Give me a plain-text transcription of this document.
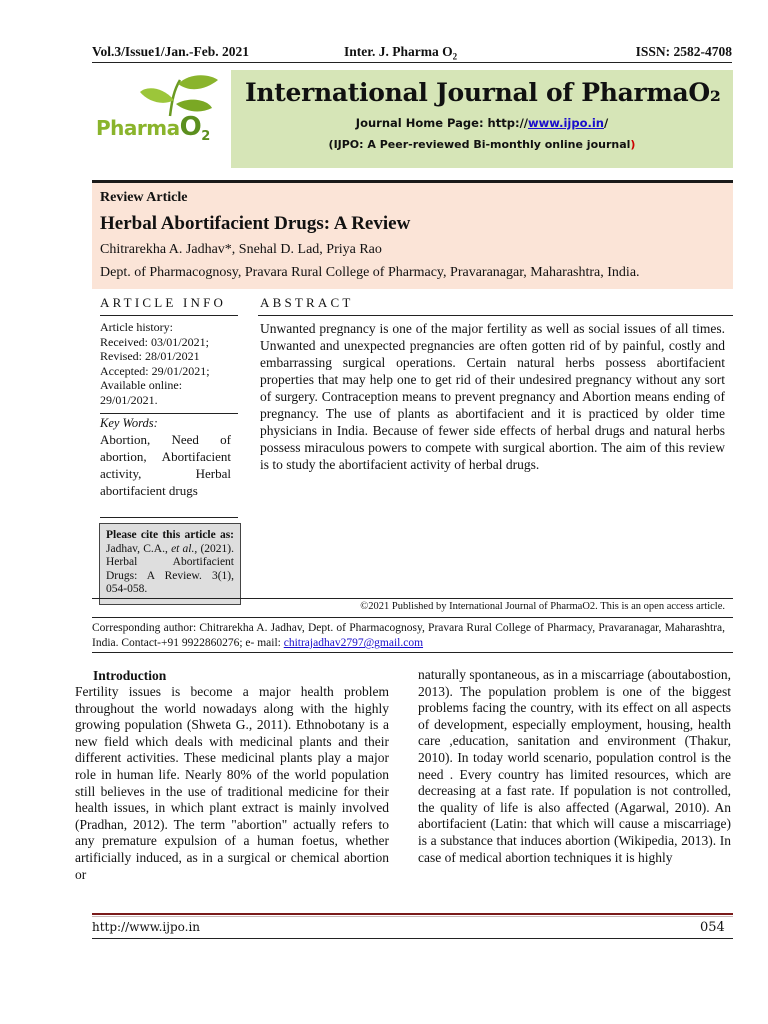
Vol.3/Issue1/Jan.-Feb. 2021	Inter. J. Pharma $O_2$	ISSN: 2582-4708
PharmaO$_2$
International Journal of PharmaO₂
Journal Home Page: http://www.ijpo.in/
(IJPO: A Peer-reviewed Bi-monthly online journal)
Review Article
Herbal Abortifacient Drugs: A Review
Chitrarekha A. Jadhav*, Snehal D. Lad, Priya Rao
Dept. of Pharmacognosy, Pravara Rural College of Pharmacy, Pravaranagar, Maharashtra, India.
ARTICLE INFO	ABSTRACT
Article history:
Received: 03/01/2021;
Revised: 28/01/2021
Accepted: 29/01/2021;
Available online:
29/01/2021.
Key Words:
Abortion, Need of abortion, Abortifacient activity, Herbal abortifacient drugs
Please cite this article as: Jadhav, C.A., et al., (2021). Herbal Abortifacient Drugs: A Review. 3(1), 054-058.
Unwanted pregnancy is one of the major fertility as well as social issues of all times. Unwanted and unexpected pregnancies are often gotten rid of by painful, costly and embarrassing surgical operations. Certain natural herbs possess abortifacient properties that may help one to get rid of their undesired pregnancy without any sort of surgery. Contraception means to prevent pregnancy and Abortion means ending of pregnancy. The use of plants as abortifacient and it is practiced by older time physicians in India. Because of fewer side effects of herbal drugs and natural herbs possess miraculous powers to compete with surgical abortion. The aim of this review is to study the abortifacient activity of herbal drugs.
©2021 Published by International Journal of PharmaO2. This is an open access article.
Corresponding author: Chitrarekha A. Jadhav, Dept. of Pharmacognosy, Pravara Rural College of Pharmacy, Pravaranagar, Maharashtra, India. Contact-+91 9922860276; e- mail: chitrajadhav2797@gmail.com
Introduction
Fertility issues is become a major health problem throughout the world nowadays along with the highly growing population (Shweta G., 2011). Ethnobotany is a new field which deals with medicinal plants and their different activities. These medicinal plants play a major role in human life. Nearly 80% of the world population still believes in the use of traditional medicine for their health issues, in which plant extract is mainly involved (Pradhan, 2012). The term "abortion" actually refers to any premature expulsion of a human foetus, whether artificially induced, as in a surgical or chemical abortion or
naturally spontaneous, as in a miscarriage (aboutabostion, 2013). The population problem is one of the biggest problems facing the country, with its effect on all aspects of development, especially employment, housing, health care ,education, sanitation and environment (Thakur, 2010). In today world scenario, population control is the need . Every country has limited resources, which are decreasing at a fast rate. If population is not controlled, the quality of life is also affected (Agarwal, 2010). An abortifacient (Latin: that which will cause a miscarriage) is a substance that induces abortion (Wikipedia, 2013). In case of medical abortion techniques it is highly
http://www.ijpo.in	054
